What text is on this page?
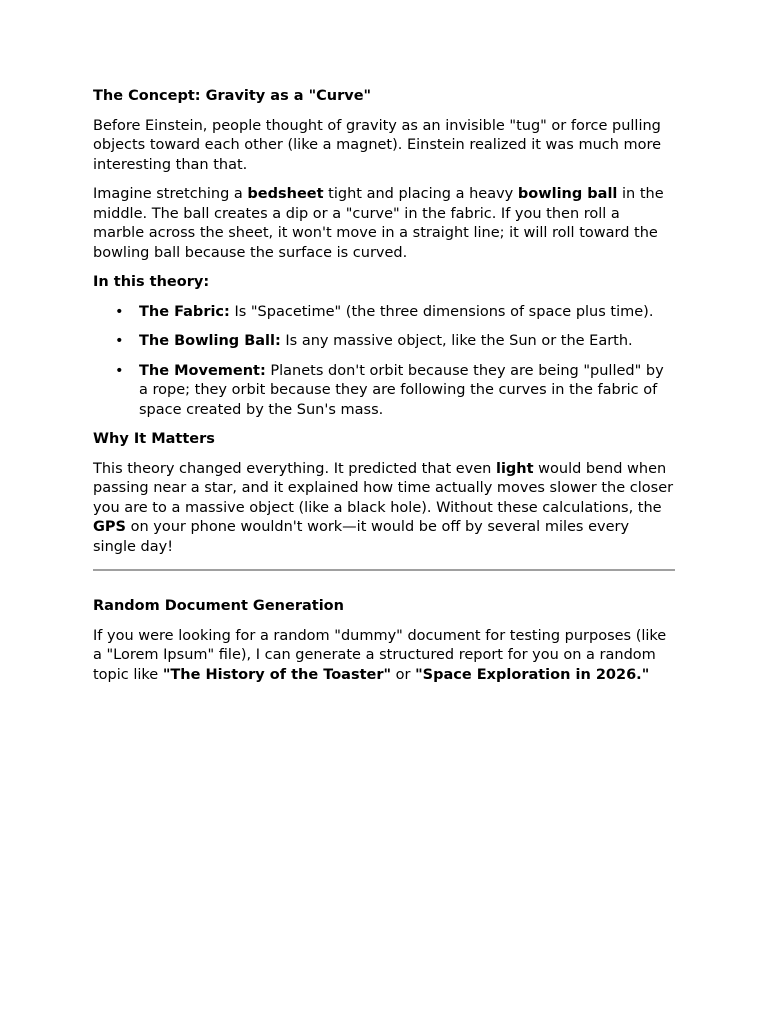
The Concept: Gravity as a "Curve"

Before Einstein, people thought of gravity as an invisible "tug" or force pulling objects toward each other (like a magnet). Einstein realized it was much more interesting than that.

Imagine stretching a bedsheet tight and placing a heavy bowling ball in the middle. The ball creates a dip or a "curve" in the fabric. If you then roll a marble across the sheet, it won't move in a straight line; it will roll toward the bowling ball because the surface is curved.

In this theory:
• The Fabric: Is "Spacetime" (the three dimensions of space plus time).
• The Bowling Ball: Is any massive object, like the Sun or the Earth.
• The Movement: Planets don't orbit because they are being "pulled" by a rope; they orbit because they are following the curves in the fabric of space created by the Sun's mass.
Why It Matters

This theory changed everything. It predicted that even light would bend when passing near a star, and it explained how time actually moves slower the closer you are to a massive object (like a black hole). Without these calculations, the GPS on your phone wouldn't work—it would be off by several miles every single day!

Random Document Generation

If you were looking for a random "dummy" document for testing purposes (like a "Lorem Ipsum" file), I can generate a structured report for you on a random topic like "The History of the Toaster" or "Space Exploration in 2026."
